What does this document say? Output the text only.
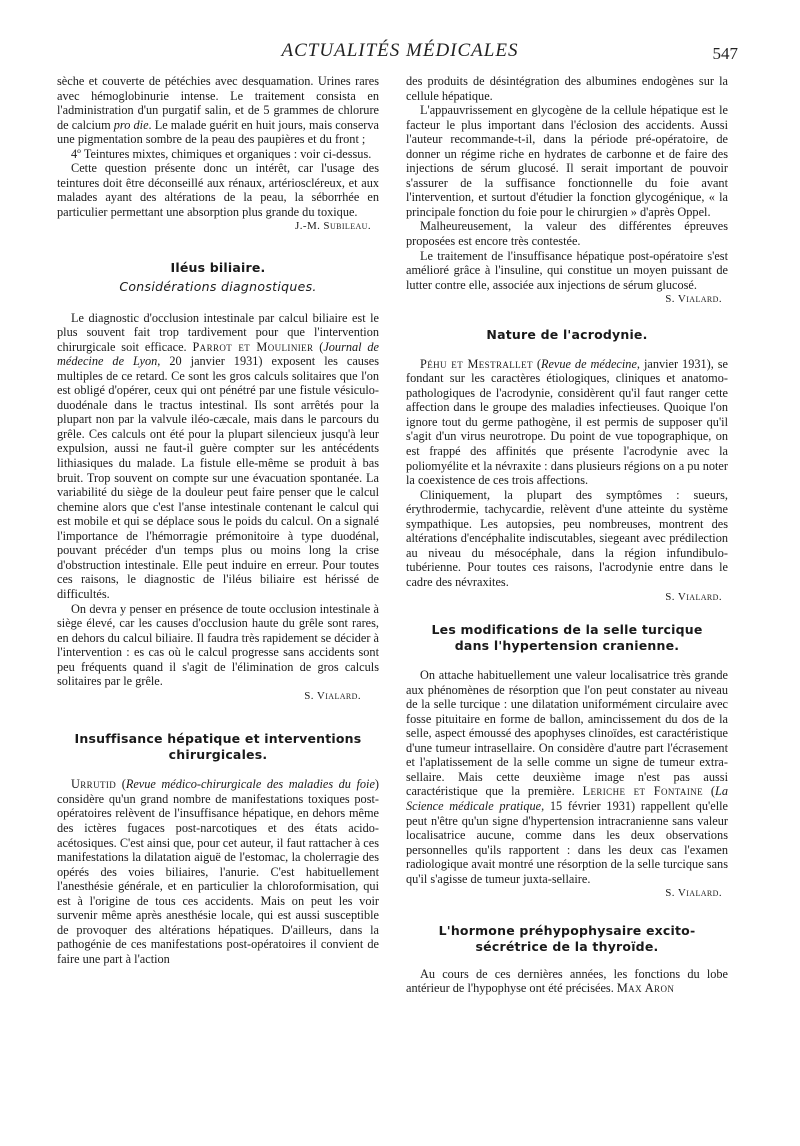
ACTUALITÉS MÉDICALES	547

sèche et couverte de pétéchies avec desquamation. Urines rares avec hémoglobinurie intense. Le traitement consista en l'administration d'un purgatif salin, et de 5 grammes de chlorure de calcium pro die. Le malade guérit en huit jours, mais conserva une pigmentation sombre de la peau des paupières et du front ;

4º Teintures mixtes, chimiques et organiques : voir ci-dessus.

Cette question présente donc un intérêt, car l'usage des teintures doit être déconseillé aux rénaux, artérioscléreux, et aux malades ayant des altérations de la peau, la séborrhée en particulier permettant une absorption plus grande du toxique.

J.-M. Subileau.

Iléus biliaire.
Considérations diagnostiques.

Le diagnostic d'occlusion intestinale par calcul biliaire est le plus souvent fait trop tardivement pour que l'intervention chirurgicale soit efficace. Parrot et Moulinier (Journal de médecine de Lyon, 20 janvier 1931) exposent les causes multiples de ce retard. Ce sont les gros calculs solitaires que l'on est obligé d'opérer, ceux qui ont pénétré par une fistule vésiculo-duodénale dans le tractus intestinal. Ils sont arrêtés pour la plupart non par la valvule iléo-cæcale, mais dans le parcours du grêle. Ces calculs ont été pour la plupart silencieux jusqu'à leur expulsion, aussi ne faut-il guère compter sur les antécédents lithiasiques du malade. La fistule elle-même se produit à bas bruit. Trop souvent on compte sur une évacuation spontanée. La variabilité du siège de la douleur peut faire penser que le calcul chemine alors que c'est l'anse intestinale contenant le calcul qui est mobile et qui se déplace sous le poids du calcul. On a signalé l'importance de l'hémorragie prémonitoire à type duodénal, pouvant précéder d'un temps plus ou moins long la crise d'obstruction intestinale. Elle peut induire en erreur. Pour toutes ces raisons, le diagnostic de l'iléus biliaire est hérissé de difficultés.

On devra y penser en présence de toute occlusion intestinale à siège élevé, car les causes d'occlusion haute du grêle sont rares, en dehors du calcul biliaire. Il faudra très rapidement se décider à l'intervention : es cas où le calcul progresse sans accidents sont peu fréquents quand il s'agit de l'élimination de gros calculs solitaires par le grêle.

S. Vialard.

Insuffisance hépatique et interventions chirurgicales.

Urrutid (Revue médico-chirurgicale des maladies du foie) considère qu'un grand nombre de manifestations toxiques post-opératoires relèvent de l'insuffisance hépatique, en dehors même des ictères fugaces post-narcotiques et des états acido-acétosiques. C'est ainsi que, pour cet auteur, il faut rattacher à ces manifestations la dilatation aiguë de l'estomac, la cholerragie des opérés des voies biliaires, l'anurie. C'est habituellement l'anesthésie générale, et en particulier la chloroformisation, qui est à l'origine de tous ces accidents. Mais on peut les voir survenir même après anesthésie locale, qui est aussi susceptible de provoquer des altérations hépatiques. D'ailleurs, dans la pathogénie de ces manifestations post-opératoires il convient de faire une part à l'action

des produits de désintégration des albumines endogènes sur la cellule hépatique.

L'appauvrissement en glycogène de la cellule hépatique est le facteur le plus important dans l'éclosion des accidents. Aussi l'auteur recommande-t-il, dans la période pré-opératoire, de donner un régime riche en hydrates de carbonne et de faire des injections de sérum glucosé. Il serait important de pouvoir s'assurer de la suffisance fonctionnelle du foie avant l'intervention, et surtout d'étudier la fonction glycogénique, « la principale fonction du foie pour le chirurgien » d'après Oppel.

Malheureusement, la valeur des différentes épreuves proposées est encore très contestée.

Le traitement de l'insuffisance hépatique post-opératoire s'est amélioré grâce à l'insuline, qui constitue un moyen puissant de lutter contre elle, associée aux injections de sérum glucosé.

S. Vialard.

Nature de l'acrodynie.

Péhu et Mestrallet (Revue de médecine, janvier 1931), se fondant sur les caractères étiologiques, cliniques et anatomo-pathologiques de l'acrodynie, considèrent qu'il faut ranger cette affection dans le groupe des maladies infectieuses. Quoique l'on ignore tout du germe pathogène, il est permis de supposer qu'il s'agit d'un virus neurotrope. Du point de vue topographique, on est frappé des affinités que présente l'acrodynie avec la poliomyélite et la névraxite : dans plusieurs régions on a pu noter la coexistence de ces trois affections.

Cliniquement, la plupart des symptômes : sueurs, érythrodermie, tachycardie, relèvent d'une atteinte du système sympathique. Les autopsies, peu nombreuses, montrent des altérations d'encéphalite indiscutables, siegeant avec prédilection au niveau du mésocéphale, dans la région infundibulo-tubérienne. Pour toutes ces raisons, l'acrodynie entre dans le cadre des névraxites.

S. Vialard.

Les modifications de la selle turcique dans l'hypertension cranienne.

On attache habituellement une valeur localisatrice très grande aux phénomènes de résorption que l'on peut constater au niveau de la selle turcique : une dilatation uniformément circulaire avec fosse pituitaire en forme de ballon, amincissement du dos de la selle, aspect émoussé des apophyses clinoïdes, est caractéristique d'une tumeur intrasellaire. On considère d'autre part l'écrasement et l'aplatissement de la selle comme un signe de tumeur extra-sellaire. Mais cette deuxième image n'est pas aussi caractéristique que la première. Leriche et Fontaine (La Science médicale pratique, 15 février 1931) rappellent qu'elle peut n'être qu'un signe d'hypertension intracranienne sans valeur localisatrice aucune, comme dans les deux observations personnelles qu'ils rapportent : dans les deux cas l'examen radiologique avait montré une résorption de la selle turcique sans qu'il s'agisse de tumeur juxta-sellaire.

S. Vialard.

L'hormone préhypophysaire excito-sécrétrice de la thyroïde.

Au cours de ces dernières années, les fonctions du lobe antérieur de l'hypophyse ont été précisées. Max Aron
